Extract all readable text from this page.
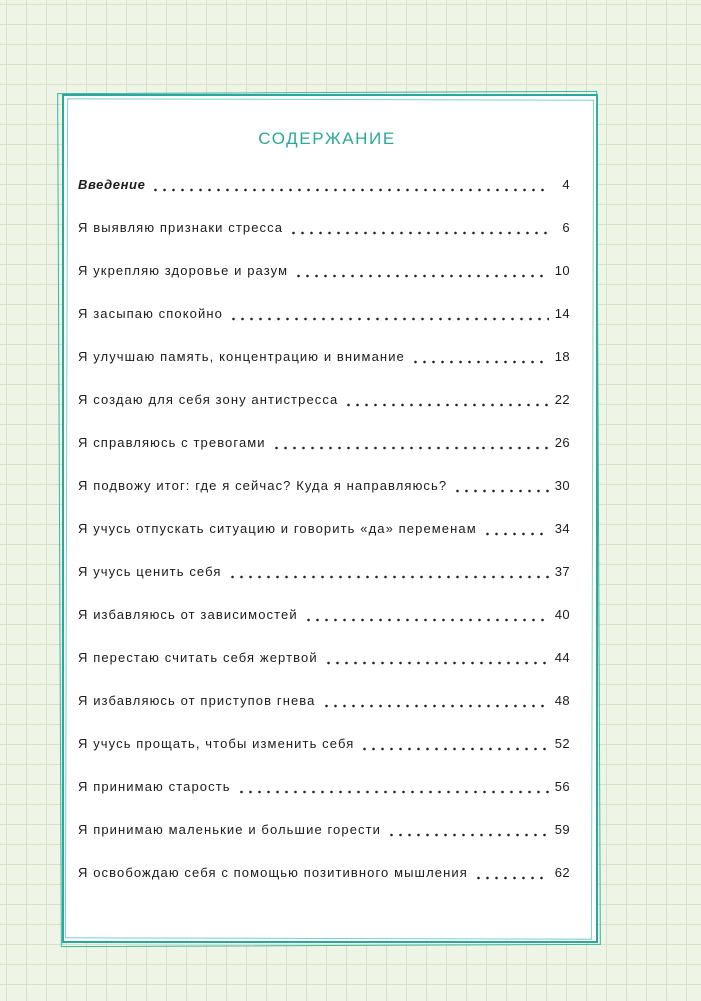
СОДЕРЖАНИЕ
Введение	4
Я выявляю признаки стресса	6
Я укрепляю здоровье и разум	10
Я засыпаю спокойно	14
Я улучшаю память, концентрацию и внимание	18
Я создаю для себя зону антистресса	22
Я справляюсь с тревогами	26
Я подвожу итог: где я сейчас? Куда я направляюсь?	30
Я учусь отпускать ситуацию и говорить «да» переменам	34
Я учусь ценить себя	37
Я избавляюсь от зависимостей	40
Я перестаю считать себя жертвой	44
Я избавляюсь от приступов гнева	48
Я учусь прощать, чтобы изменить себя	52
Я принимаю старость	56
Я принимаю маленькие и большие горести	59
Я освобождаю себя с помощью позитивного мышления	62
